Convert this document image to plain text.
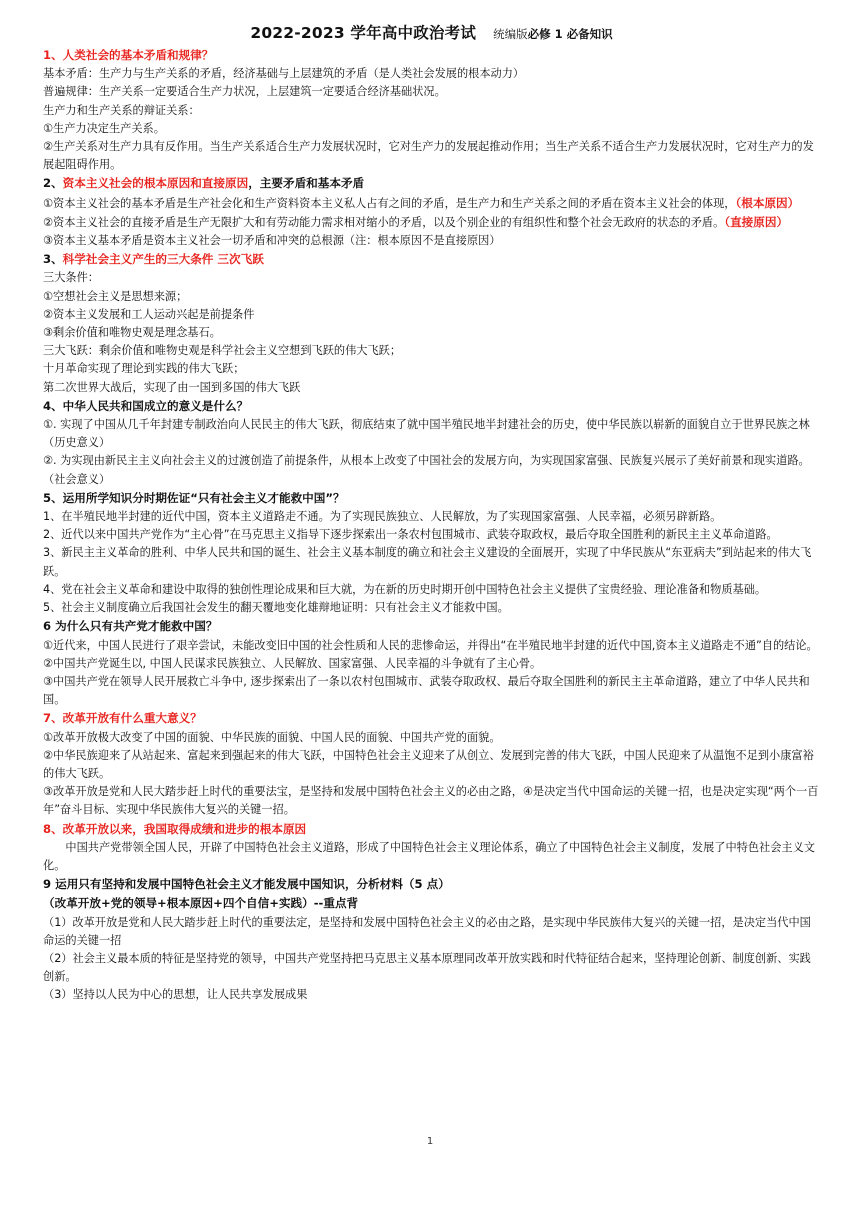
2022-2023 学年高中政治考试 统编版必修 1 必备知识
1、人类社会的基本矛盾和规律？
基本矛盾：生产力与生产关系的矛盾，经济基础与上层建筑的矛盾（是人类社会发展的根本动力）
普遍规律：生产关系一定要适合生产力状况，上层建筑一定要适合经济基础状况。
生产力和生产关系的辩证关系：
①生产力决定生产关系。
②生产关系对生产力具有反作用。当生产关系适合生产力发展状况时，它对生产力的发展起推动作用；当生产关系不适合生产力发展状况时，它对生产力的发展起阻碍作用。
2、资本主义社会的根本原因和直接原因，主要矛盾和基本矛盾
①资本主义社会的基本矛盾是生产社会化和生产资料资本主义私人占有之间的矛盾，是生产力和生产关系之间的矛盾在资本主义社会的体现，（根本原因）
②资本主义社会的直接矛盾是生产无限扩大和有劳动能力需求相对缩小的矛盾，以及个别企业的有组织性和整个社会无政府的状态的矛盾。（直接原因）
③资本主义基本矛盾是资本主义社会一切矛盾和冲突的总根源（注：根本原因不是直接原因）
3、科学社会主义产生的三大条件 三次飞跃
三大条件：
①空想社会主义是思想来源；
②资本主义发展和工人运动兴起是前提条件
③剩余价值和唯物史观是理念基石。
三大飞跃：剩余价值和唯物史观是科学社会主义空想到飞跃的伟大飞跃；
十月革命实现了理论到实践的伟大飞跃；
第二次世界大战后，实现了由一国到多国的伟大飞跃
4、中华人民共和国成立的意义是什么？
①. 实现了中国从几千年封建专制政治向人民民主的伟大飞跃，彻底结束了就中国半殖民地半封建社会的历史，使中华民族以崭新的面貌自立于世界民族之林（历史意义）
②. 为实现由新民主主义向社会主义的过渡创造了前提条件，从根本上改变了中国社会的发展方向，为实现国家富强、民族复兴展示了美好前景和现实道路。（社会意义）
5、运用所学知识分时期佐证“只有社会主义才能救中国”？
1、在半殖民地半封建的近代中国，资本主义道路走不通。为了实现民族独立、人民解放，为了实现国家富强、人民幸福，必须另辟新路。
2、近代以来中国共产党作为“主心骨”在马克思主义指导下逐步探索出一条农村包围城市、武装夺取政权，最后夺取全国胜利的新民主主义革命道路。
3、新民主主义革命的胜利、中华人民共和国的诞生、社会主义基本制度的确立和社会主义建设的全面展开，实现了中华民族从“东亚病夫”到站起来的伟大飞跃。
4、党在社会主义革命和建设中取得的独创性理论成果和巨大就，为在新的历史时期开创中国特色社会主义提供了宝贵经验、理论准备和物质基础。
5、社会主义制度确立后我国社会发生的翻天覆地变化雄辩地证明：只有社会主义才能救中国。
6 为什么只有共产党才能救中国？
①近代来，中国人民进行了艰辛尝试，未能改变旧中国的社会性质和人民的悲惨命运，并得出“在半殖民地半封建的近代中国,资本主义道路走不通”自的结论。
②中国共产党诞生以, 中国人民谋求民族独立、人民解放、国家富强、人民幸福的斗争就有了主心骨。
③中国共产党在领导人民开展救亡斗争中, 逐步探索出了一条以农村包围城市、武装夺取政权、最后夺取全国胜利的新民主主革命道路，建立了中华人民共和国。
7、改革开放有什么重大意义？
①改革开放极大改变了中国的面貌、中华民族的面貌、中国人民的面貌、中国共产党的面貌。
②中华民族迎来了从站起来、富起来到强起来的伟大飞跃，中国特色社会主义迎来了从创立、发展到完善的伟大飞跃，中国人民迎来了从温饱不足到小康富裕的伟大飞跃。
③改革开放是党和人民大踏步赶上时代的重要法宝，是坚持和发展中国特色社会主义的必由之路，④是决定当代中国命运的关键一招，也是决定实现“两个一百年”奋斗目标、实现中华民族伟大复兴的关键一招。
8、改革开放以来，我国取得成绩和进步的根本原因
中国共产党带领全国人民，开辟了中国特色社会主义道路，形成了中国特色社会主义理论体系，确立了中国特色社会主义制度，发展了中特色社会主义文化。
9 运用只有坚持和发展中国特色社会主义才能发展中国知识，分析材料（5 点）
（改革开放+党的领导+根本原因+四个自信+实践）--重点背
（1）改革开放是党和人民大踏步赶上时代的重要法定，是坚持和发展中国特色社会主义的必由之路，是实现中华民族伟大复兴的关键一招，是决定当代中国命运的关键一招
（2）社会主义最本质的特征是坚持党的领导，中国共产党坚持把马克思主义基本原理同改革开放实践和时代特征结合起来，坚持理论创新、制度创新、实践创新。
（3）坚持以人民为中心的思想，让人民共享发展成果
1
